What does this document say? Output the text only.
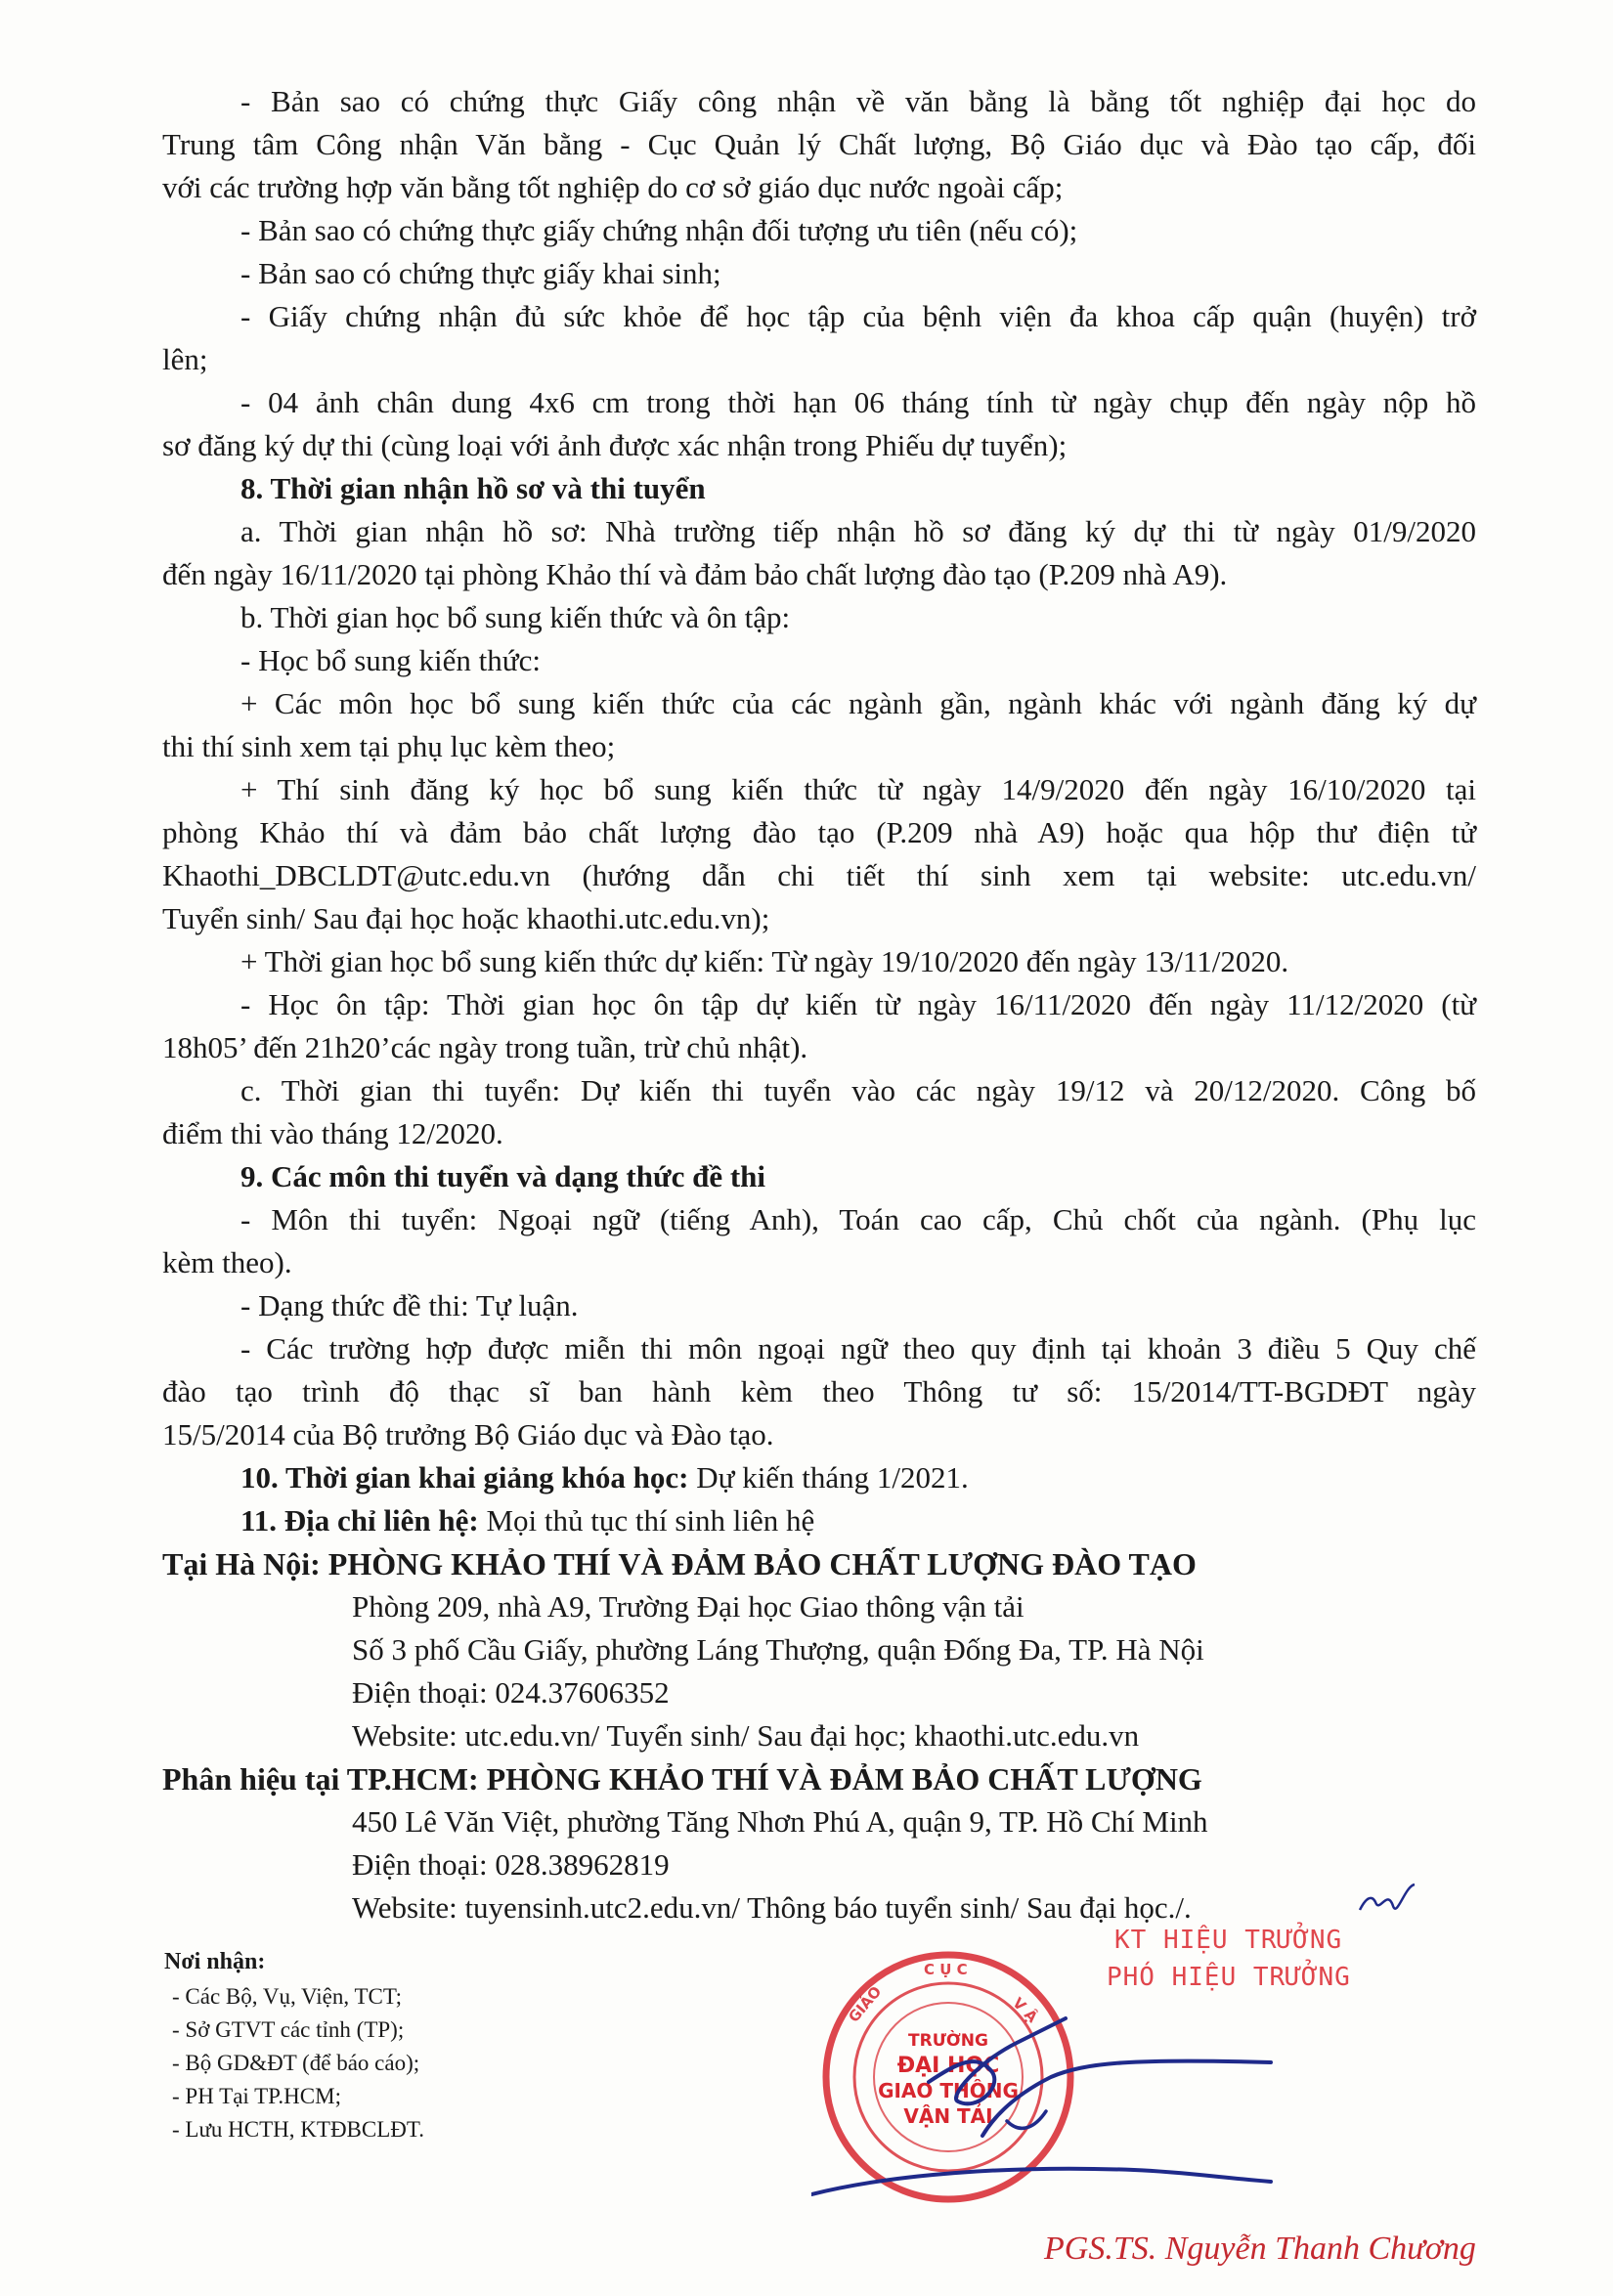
- Bản sao có chứng thực Giấy công nhận về văn bằng là bằng tốt nghiệp đại học do
Trung tâm Công nhận Văn bằng - Cục Quản lý Chất lượng, Bộ Giáo dục và Đào tạo cấp, đối
với các trường hợp văn bằng tốt nghiệp do cơ sở giáo dục nước ngoài cấp;
- Bản sao có chứng thực giấy chứng nhận đối tượng ưu tiên (nếu có);
- Bản sao có chứng thực giấy khai sinh;
- Giấy chứng nhận đủ sức khỏe để học tập của bệnh viện đa khoa cấp quận (huyện) trở
lên;
- 04 ảnh chân dung 4x6 cm trong thời hạn 06 tháng tính từ ngày chụp đến ngày nộp hồ
sơ đăng ký dự thi (cùng loại với ảnh được xác nhận trong Phiếu dự tuyển);
8. Thời gian nhận hồ sơ và thi tuyển
a. Thời gian nhận hồ sơ: Nhà trường tiếp nhận hồ sơ đăng ký dự thi từ ngày 01/9/2020
đến ngày 16/11/2020 tại phòng Khảo thí và đảm bảo chất lượng đào tạo (P.209 nhà A9).
b. Thời gian học bổ sung kiến thức và ôn tập:
- Học bổ sung kiến thức:
+ Các môn học bổ sung kiến thức của các ngành gần, ngành khác với ngành đăng ký dự
thi thí sinh xem tại phụ lục kèm theo;
+ Thí sinh đăng ký học bổ sung kiến thức từ ngày 14/9/2020 đến ngày 16/10/2020 tại
phòng Khảo thí và đảm bảo chất lượng đào tạo (P.209 nhà A9) hoặc qua hộp thư điện tử
Khaothi_DBCLDT@utc.edu.vn (hướng dẫn chi tiết thí sinh xem tại website: utc.edu.vn/
Tuyển sinh/ Sau đại học hoặc khaothi.utc.edu.vn);
+ Thời gian học bổ sung kiến thức dự kiến: Từ ngày 19/10/2020 đến ngày 13/11/2020.
- Học ôn tập: Thời gian học ôn tập dự kiến từ ngày 16/11/2020 đến ngày 11/12/2020 (từ
18h05’ đến 21h20’các ngày trong tuần, trừ chủ nhật).
c. Thời gian thi tuyển: Dự kiến thi tuyển vào các ngày 19/12 và 20/12/2020. Công bố
điểm thi vào tháng 12/2020.
9. Các môn thi tuyển và dạng thức đề thi
- Môn thi tuyển: Ngoại ngữ (tiếng Anh), Toán cao cấp, Chủ chốt của ngành. (Phụ lục
kèm theo).
- Dạng thức đề thi: Tự luận.
- Các trường hợp được miễn thi môn ngoại ngữ theo quy định tại khoản 3 điều 5 Quy chế
đào tạo trình độ thạc sĩ ban hành kèm theo Thông tư số: 15/2014/TT-BGDĐT ngày
15/5/2014 của Bộ trưởng Bộ Giáo dục và Đào tạo.
10. Thời gian khai giảng khóa học: Dự kiến tháng 1/2021.
11. Địa chỉ liên hệ: Mọi thủ tục thí sinh liên hệ
Tại Hà Nội: PHÒNG KHẢO THÍ VÀ ĐẢM BẢO CHẤT LƯỢNG ĐÀO TẠO
Phòng 209, nhà A9, Trường Đại học Giao thông vận tải
Số 3 phố Cầu Giấy, phường Láng Thượng, quận Đống Đa, TP. Hà Nội
Điện thoại: 024.37606352
Website: utc.edu.vn/ Tuyển sinh/ Sau đại học; khaothi.utc.edu.vn
Phân hiệu tại TP.HCM: PHÒNG KHẢO THÍ VÀ ĐẢM BẢO CHẤT LƯỢNG
450 Lê Văn Việt, phường Tăng Nhơn Phú A, quận 9, TP. Hồ Chí Minh
Điện thoại: 028.38962819
Website: tuyensinh.utc2.edu.vn/ Thông báo tuyển sinh/ Sau đại học./.
Nơi nhận:
- Các Bộ, Vụ, Viện, TCT;
- Sở GTVT các tỉnh (TP);
- Bộ GD&ĐT (để báo cáo);
- PH Tại TP.HCM;
- Lưu HCTH, KTĐBCLĐT.
KT HIỆU TRƯỞNG
PHÓ HIỆU TRƯỞNG
C Ụ C
GIÁO	V Ậ
TRƯỜNG
ĐẠI HỌC
GIAO THÔNG
VẬN TẢI
PGS.TS. Nguyễn Thanh Chương
